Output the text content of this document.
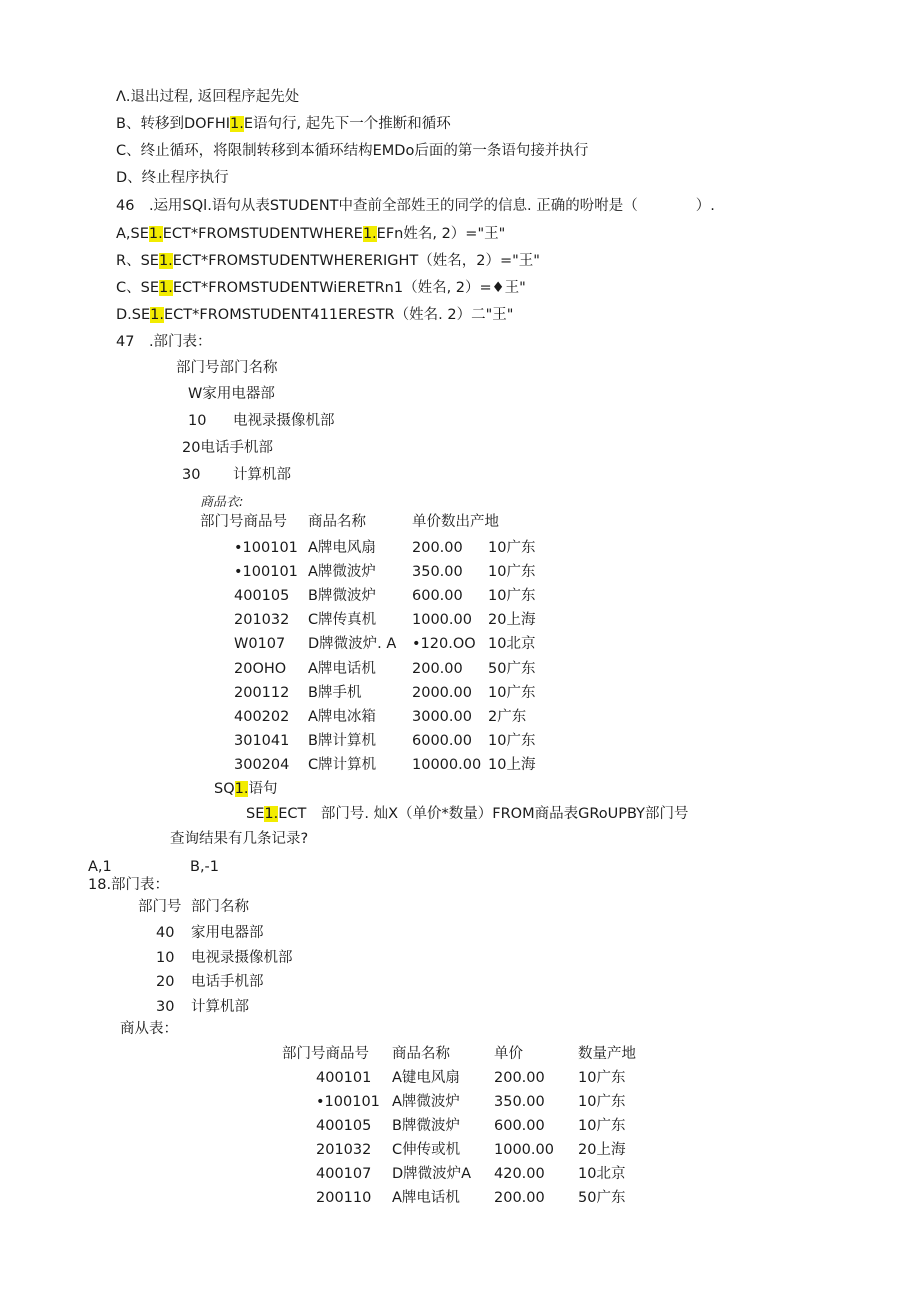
Λ.退出过程, 返回程序起先处
B、转移到DOFHI1.E语句行, 起先下一个推断和循环
C、终止循环，将限制转移到本循环结构EMDo后面的第一条语句接并执行
D、终止程序执行
46　.运用SQl.语句从表STUDENT中查前全部姓王的同学的信息. 正确的吩咐是（　　　　）.
A,SE1.ECT*FROMSTUDENTWHERE1.EFn姓名, 2）="王"
R、SE1.ECT*FROMSTUDENTWHERERIGHT（姓名，2）="王"
C、SE1.ECT*FROMSTUDENTWiERETRn1（姓名, 2）=♦王"
D.SE1.ECT*FROMSTUDENT411ERESTR（姓名. 2）二"王"
47　.部门表：
部门号部门名称
W家用电器部
10 电视录摄像机部
20电话手机部
30 计算机部
商品衣:
部门号商品号 商品名称	单价数出产地
•100101 A牌电风扇 200.00 10广东
•100101 A牌微波炉 350.00 10广东
400105 B牌微波炉 600.00 10广东
201032 C牌传真机 1000.00 20上海
W0107 D牌微波炉. A •120.OO 10北京
20OHO A牌电话机 200.00 50广东
200112 B牌手机	2000.00 10广东
400202 A牌电冰箱 3000.00 2广东
301041 B牌计算机 6000.00 10广东
300204 C牌计算机 10000.00 10上海
SQ1.语句
SE1.ECT　部门号. 灿X（单价*数量）FROM商品表GRoUPBY部门号
查询结果有几条记录?
A,1	B,-1
18.部门表：
部门号 部门名称
40 家用电器部
10 电视录摄像机部
20 电话手机部
30 计算机部
商从表：
部门号商品号 商品名称	单价	数量产地
400101 A键电风扇 200.00 10广东
•100101 A牌微波炉 350.00 10广东
400105 B牌微波炉 600.00 10广东
201032 C伸传或机 1000.00 20上海
400107 D牌微波炉A 420.00 10北京
200110 A牌电话机 200.00 50广东
